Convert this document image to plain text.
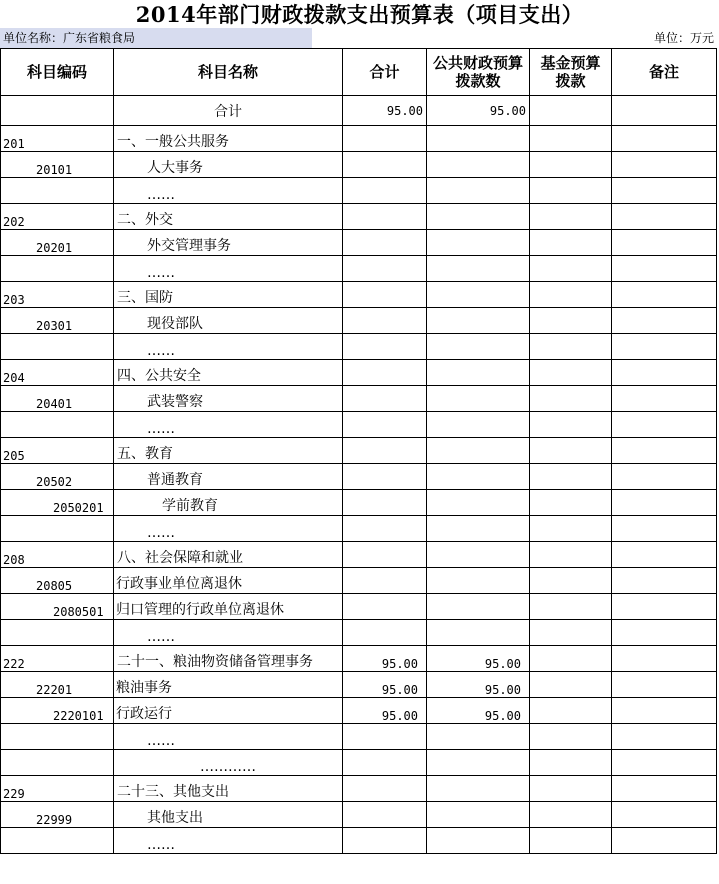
2014年部门财政拨款支出预算表（项目支出）
单位名称：广东省粮食局	单位：万元
科目编码	科目名称	合计	公共财政预算拨款数	基金预算拨款	备注
	合计	95.00	95.00		
201	一、一般公共服务				
20101	人大事务				
	……				
202	二、外交				
20201	外交管理事务				
	……				
203	三、国防				
20301	现役部队				
	……				
204	四、公共安全				
20401	武装警察				
	……				
205	五、教育				
20502	普通教育				
2050201	学前教育				
	……				
208	八、社会保障和就业				
20805	行政事业单位离退休				
2080501	归口管理的行政单位离退休				
	……				
222	二十一、粮油物资储备管理事务	95.00	95.00		
22201	粮油事务	95.00	95.00		
2220101	行政运行	95.00	95.00		
	……				
	…………				
229	二十三、其他支出				
22999	其他支出				
	……				
